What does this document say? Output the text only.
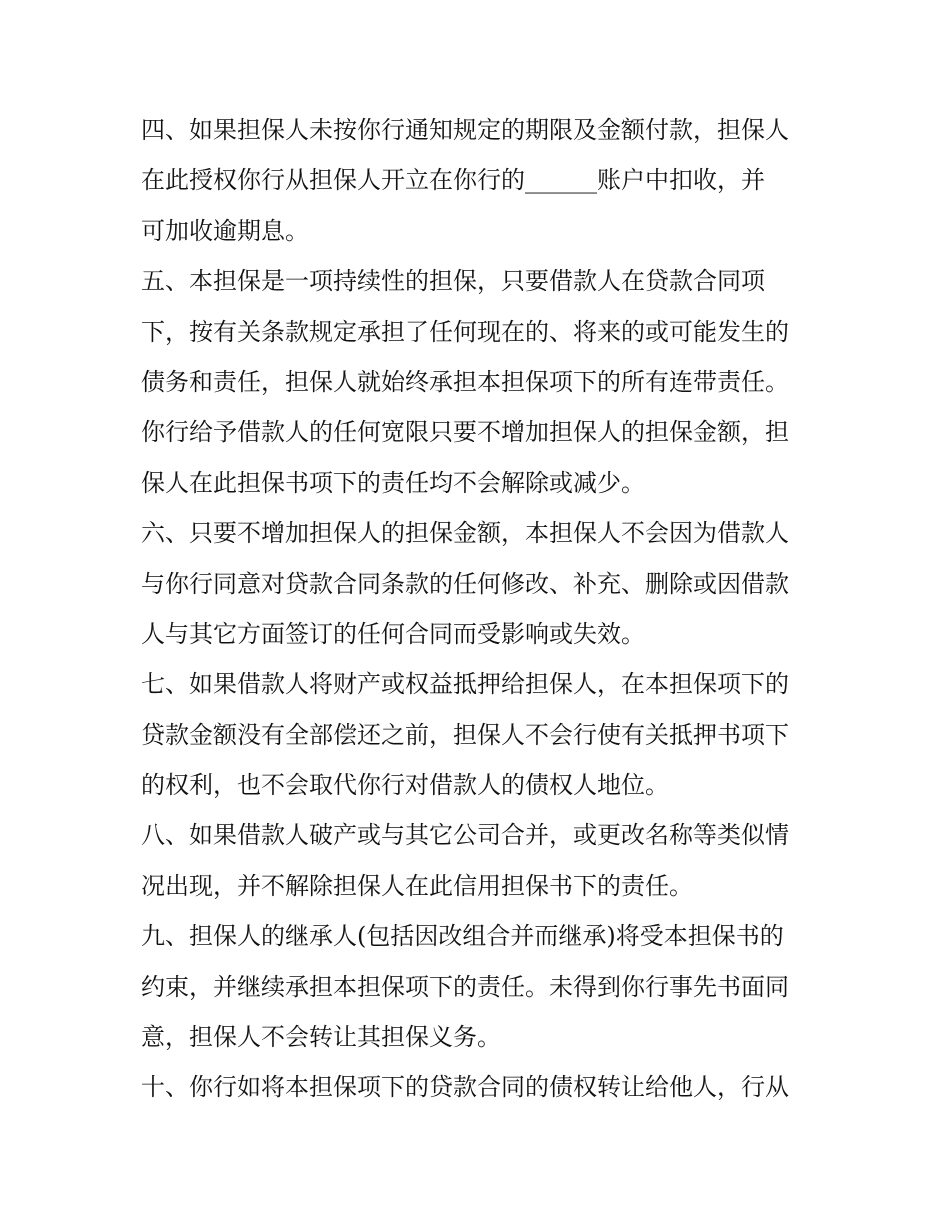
四、如果担保人未按你行通知规定的期限及金额付款，担保人
在此授权你行从担保人开立在你行的______账户中扣收，并
可加收逾期息。
五、本担保是一项持续性的担保，只要借款人在贷款合同项
下，按有关条款规定承担了任何现在的、将来的或可能发生的
债务和责任，担保人就始终承担本担保项下的所有连带责任。
你行给予借款人的任何宽限只要不增加担保人的担保金额，担
保人在此担保书项下的责任均不会解除或减少。
六、只要不增加担保人的担保金额，本担保人不会因为借款人
与你行同意对贷款合同条款的任何修改、补充、删除或因借款
人与其它方面签订的任何合同而受影响或失效。
七、如果借款人将财产或权益抵押给担保人，在本担保项下的
贷款金额没有全部偿还之前，担保人不会行使有关抵押书项下
的权利，也不会取代你行对借款人的债权人地位。
八、如果借款人破产或与其它公司合并，或更改名称等类似情
况出现，并不解除担保人在此信用担保书下的责任。
九、担保人的继承人(包括因改组合并而继承)将受本担保书的
约束，并继续承担本担保项下的责任。未得到你行事先书面同
意，担保人不会转让其担保义务。
十、你行如将本担保项下的贷款合同的债权转让给他人，行从
